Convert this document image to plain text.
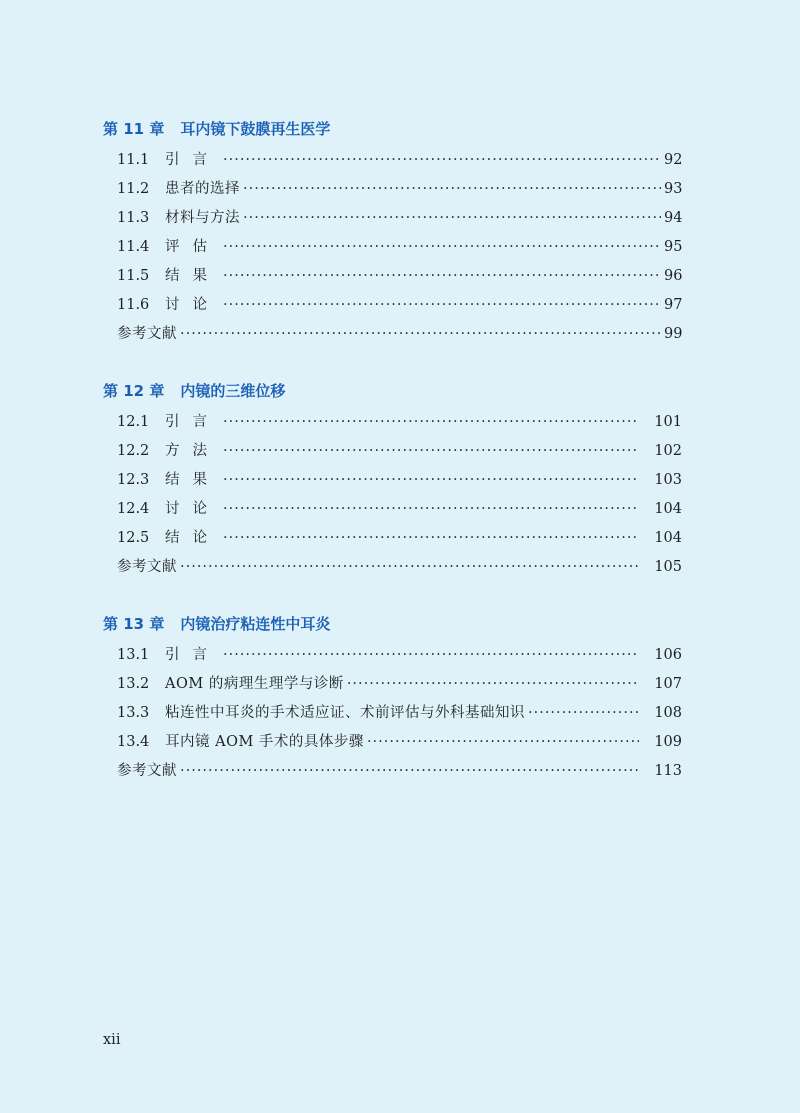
第 11 章 耳内镜下鼓膜再生医学
11.1	引言 ·····	92
11.2	患者的选择 ·····	93
11.3	材料与方法 ·····	94
11.4	评估 ·····	95
11.5	结果 ·····	96
11.6	讨论 ·····	97
参考文献 ·····	99
第 12 章 内镜的三维位移
12.1	引言 ·····	101
12.2	方法 ·····	102
12.3	结果 ·····	103
12.4	讨论 ·····	104
12.5	结论 ·····	104
参考文献 ·····	105
第 13 章 内镜治疗粘连性中耳炎
13.1	引言 ·····	106
13.2	AOM 的病理生理学与诊断 ·····	107
13.3	粘连性中耳炎的手术适应证、术前评估与外科基础知识 ·····	108
13.4	耳内镜 AOM 手术的具体步骤 ·····	109
参考文献 ·····	113
xii
